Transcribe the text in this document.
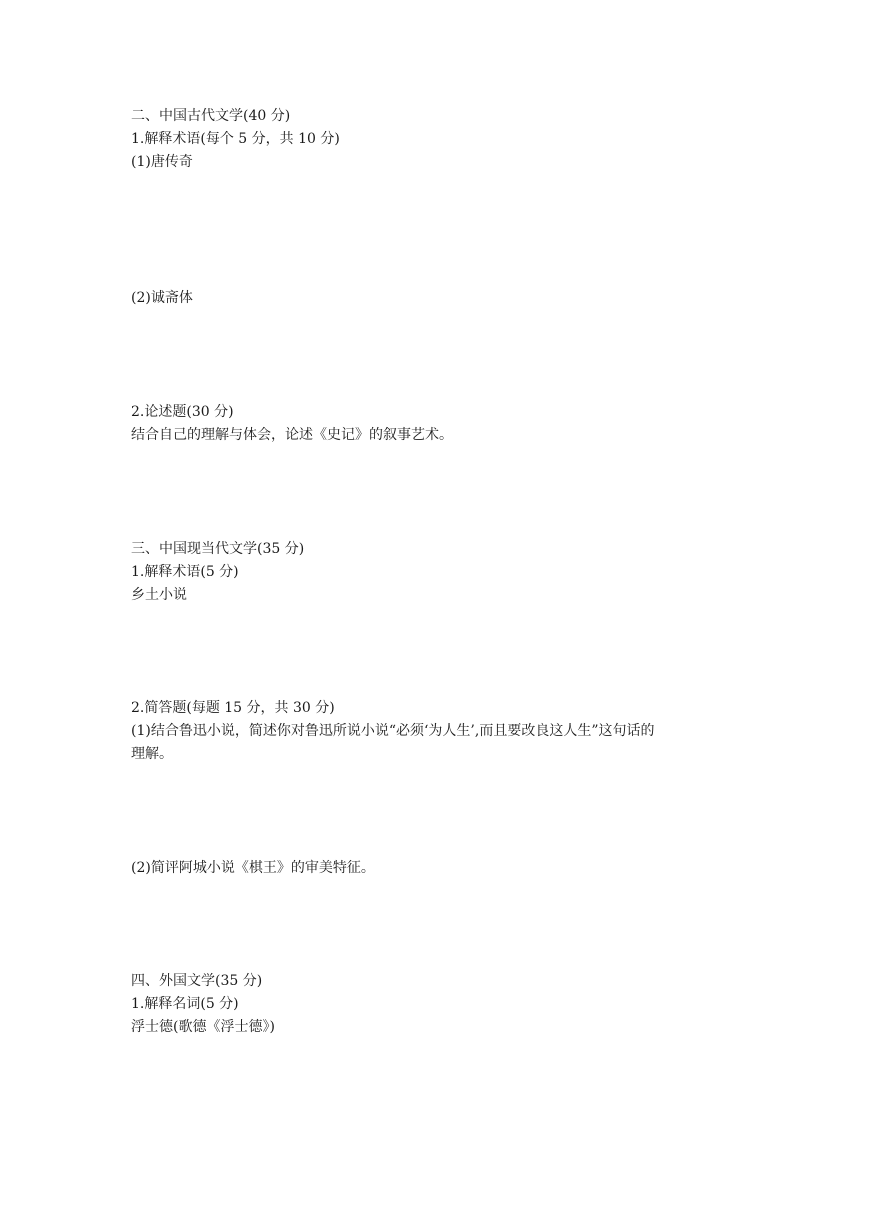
二、中国古代文学(40 分)
1.解释术语(每个 5 分，共 10 分)
(1)唐传奇
(2)诚斋体
2.论述题(30 分)
结合自己的理解与体会，论述《史记》的叙事艺术。
三、中国现当代文学(35 分)
1.解释术语(5 分)
乡土小说
2.简答题(每题 15 分，共 30 分)
(1)结合鲁迅小说，简述你对鲁迅所说小说“必须‘为人生’,而且要改良这人生”这句话的
理解。
(2)简评阿城小说《棋王》的审美特征。
四、外国文学(35 分)
1.解释名词(5 分)
浮士德(歌德《浮士德》)
